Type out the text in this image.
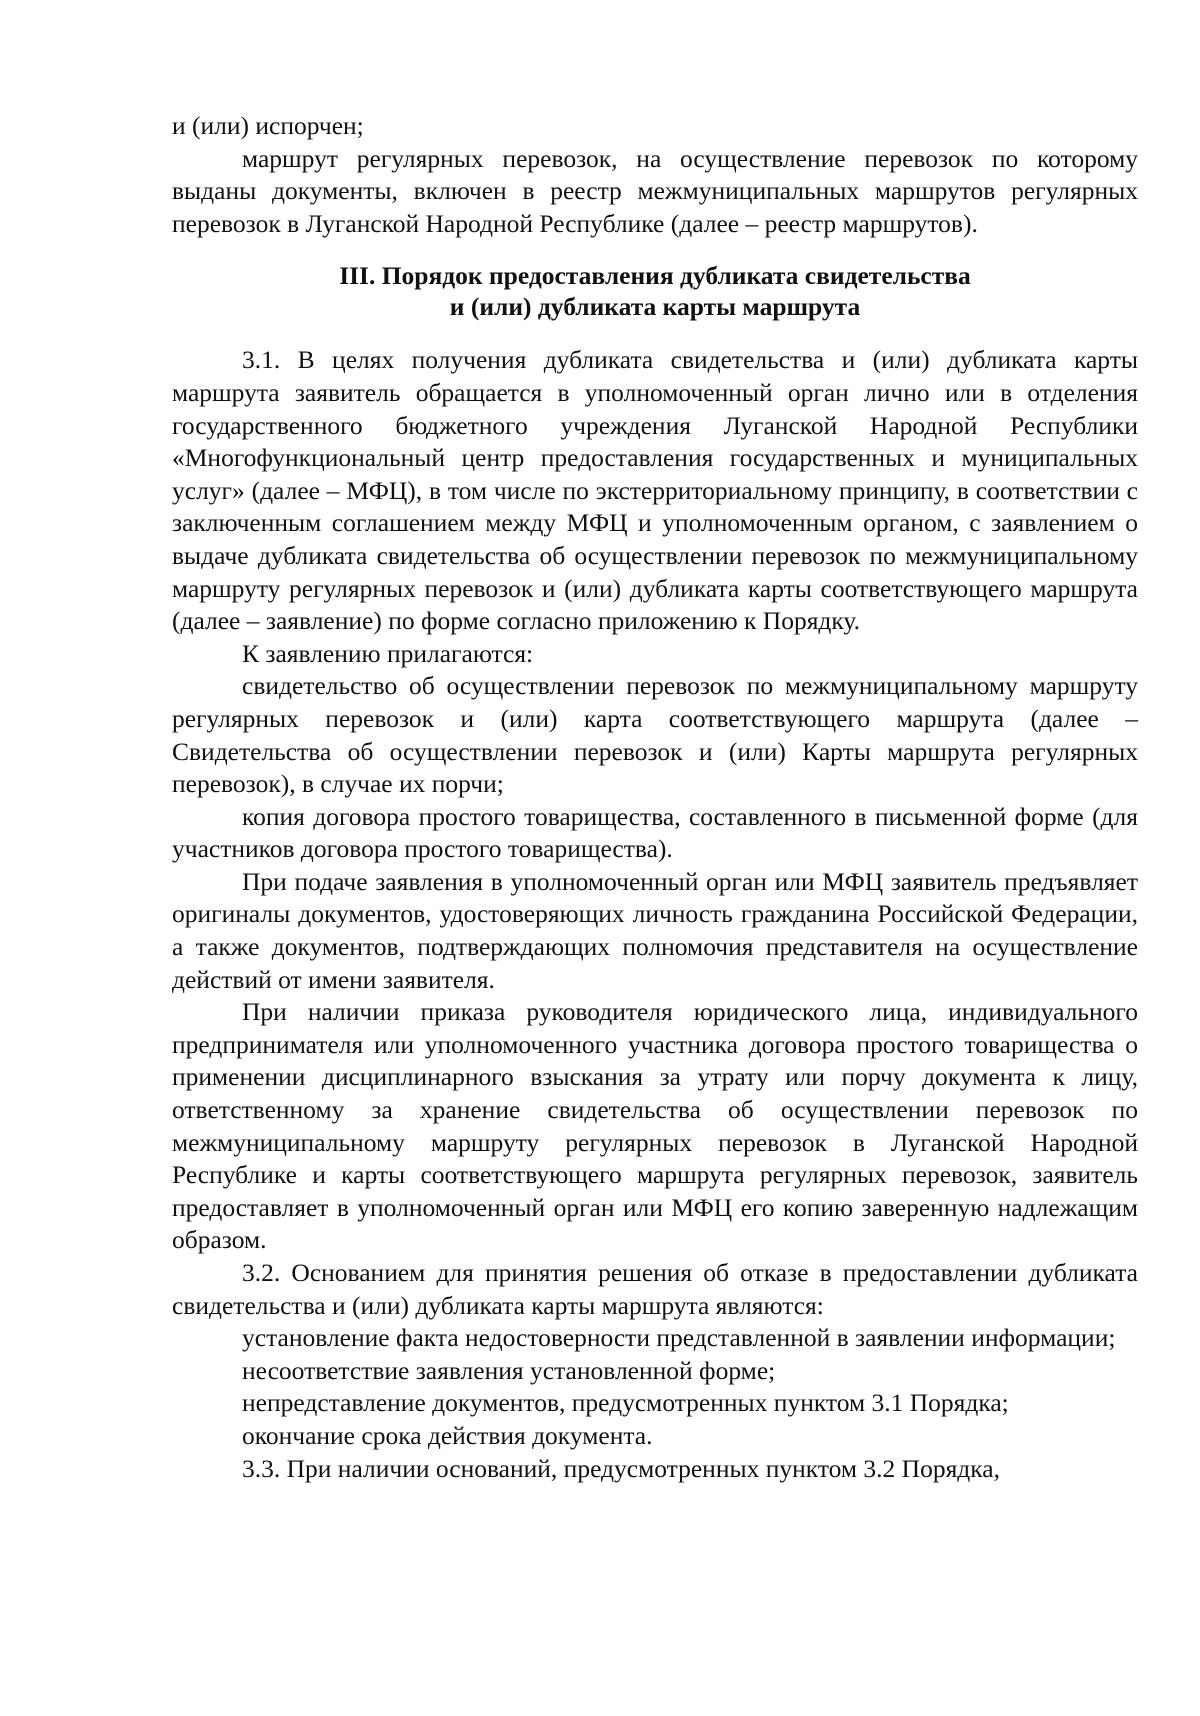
и (или) испорчен;

маршрут регулярных перевозок, на осуществление перевозок по которому выданы документы, включен в реестр межмуниципальных маршрутов регулярных перевозок в Луганской Народной Республике (далее – реестр маршрутов).

III. Порядок предоставления дубликата свидетельства
и (или) дубликата карты маршрута

3.1. В целях получения дубликата свидетельства и (или) дубликата карты маршрута заявитель обращается в уполномоченный орган лично или в отделения государственного бюджетного учреждения Луганской Народной Республики «Многофункциональный центр предоставления государственных и муниципальных услуг» (далее – МФЦ), в том числе по экстерриториальному принципу, в соответствии с заключенным соглашением между МФЦ и уполномоченным органом, с заявлением о выдаче дубликата свидетельства об осуществлении перевозок по межмуниципальному маршруту регулярных перевозок и (или) дубликата карты соответствующего маршрута (далее – заявление) по форме согласно приложению к Порядку.

К заявлению прилагаются:

свидетельство об осуществлении перевозок по межмуниципальному маршруту регулярных перевозок и (или) карта соответствующего маршрута (далее – Свидетельства об осуществлении перевозок и (или) Карты маршрута регулярных перевозок), в случае их порчи;

копия договора простого товарищества, составленного в письменной форме (для участников договора простого товарищества).

При подаче заявления в уполномоченный орган или МФЦ заявитель предъявляет оригиналы документов, удостоверяющих личность гражданина Российской Федерации, а также документов, подтверждающих полномочия представителя на осуществление действий от имени заявителя.

При наличии приказа руководителя юридического лица, индивидуального предпринимателя или уполномоченного участника договора простого товарищества о применении дисциплинарного взыскания за утрату или порчу документа к лицу, ответственному за хранение свидетельства об осуществлении перевозок по межмуниципальному маршруту регулярных перевозок в Луганской Народной Республике и карты соответствующего маршрута регулярных перевозок, заявитель предоставляет в уполномоченный орган или МФЦ его копию заверенную надлежащим образом.

3.2. Основанием для принятия решения об отказе в предоставлении дубликата свидетельства и (или) дубликата карты маршрута являются:

установление факта недостоверности представленной в заявлении информации;

несоответствие заявления установленной форме;

непредставление документов, предусмотренных пунктом 3.1 Порядка;

окончание срока действия документа.

3.3. При наличии оснований, предусмотренных пунктом 3.2 Порядка,
